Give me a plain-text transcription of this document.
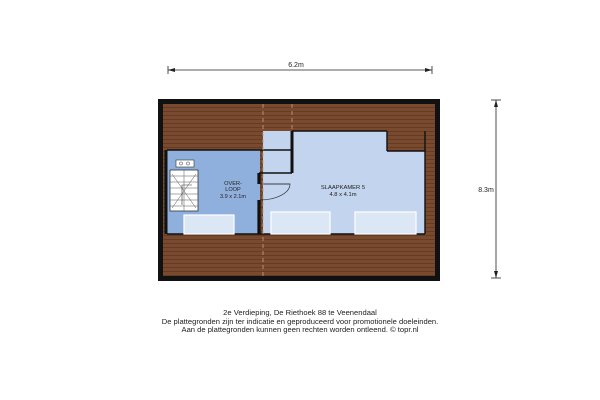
6.2m
8.3m
OVER-
LOOP
3.9 x 2.1m
SLAAPKAMER 5
4.8 x 4.1m
2e Verdieping, De Riethoek 88 te Veenendaal
De plattegronden zijn ter indicatie en geproduceerd voor promotionele doeleinden.
Aan de plattegronden kunnen geen rechten worden ontleend. © topr.nl
